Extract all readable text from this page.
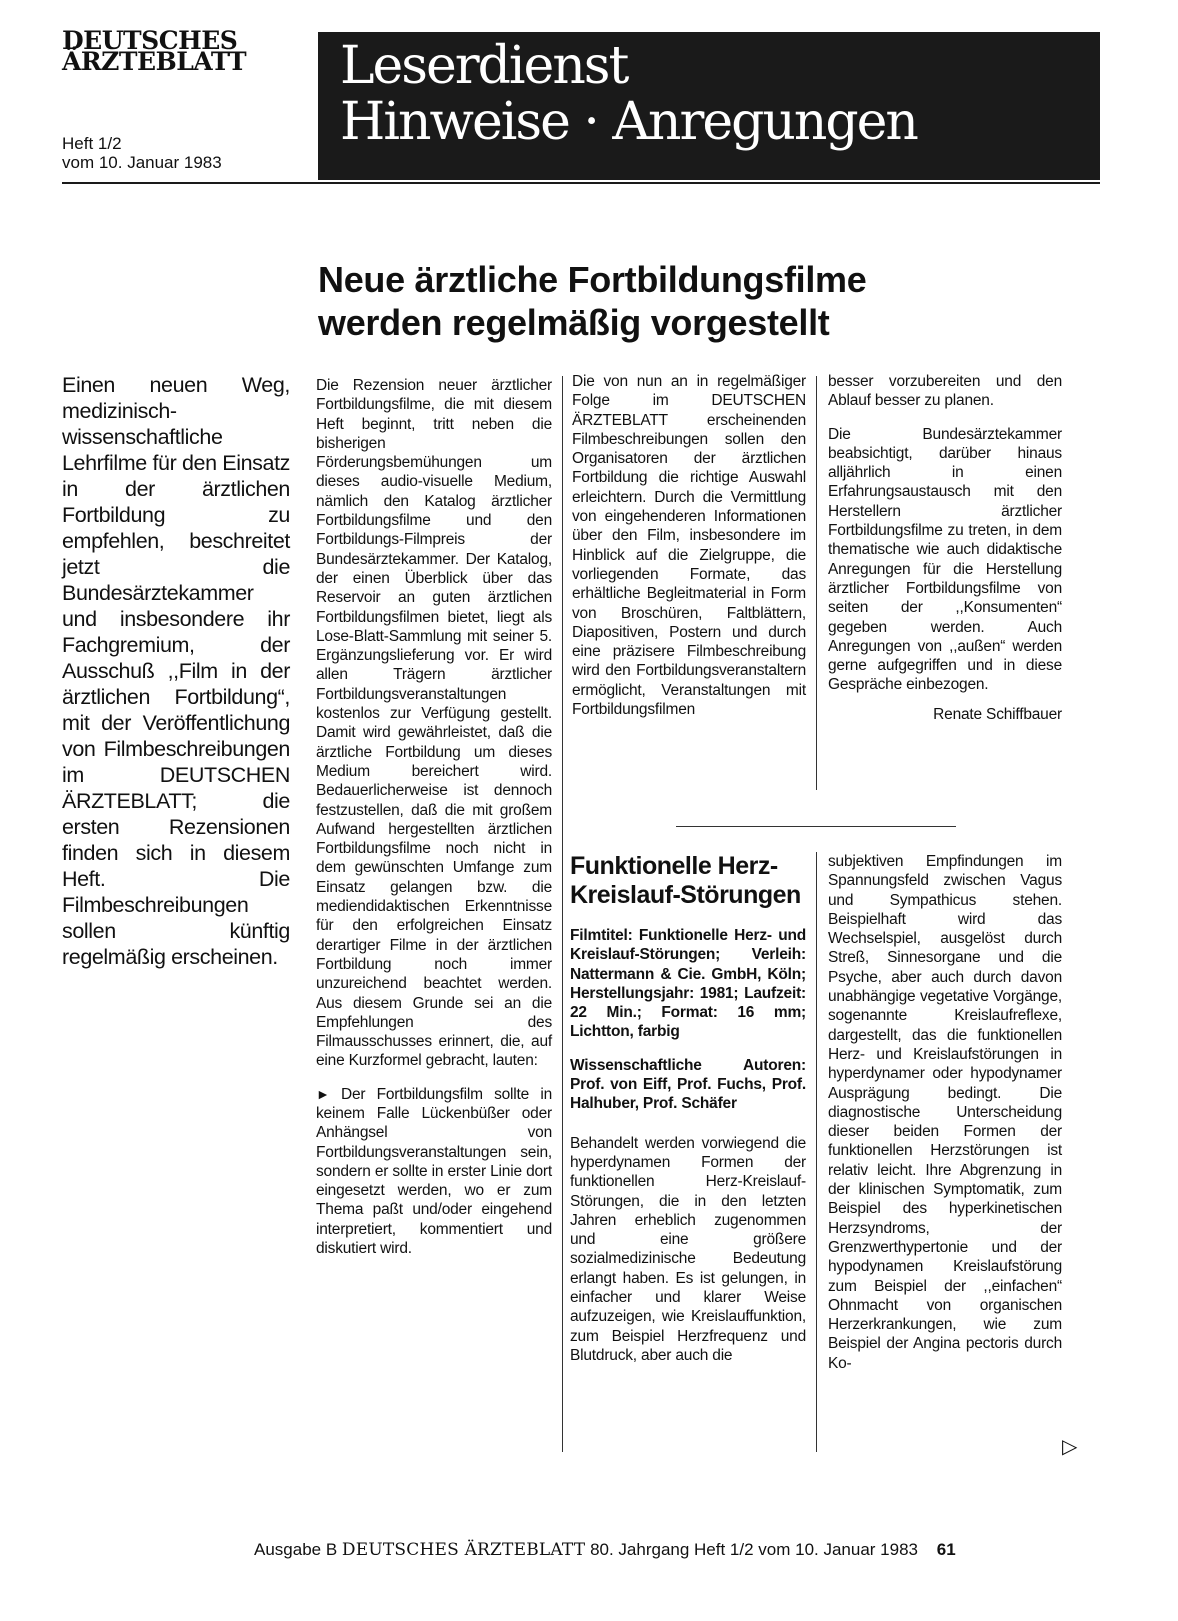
DEUTSCHES
ÄRZTEBLATT
Heft 1/2
vom 10. Januar 1983
Leserdienst
Hinweise · Anregungen
Neue ärztliche Fortbildungsfilme
werden regelmäßig vorgestellt
Einen neuen Weg, medizinisch-wissenschaftliche Lehrfilme für den Einsatz in der ärztlichen Fortbildung zu empfehlen, beschreitet jetzt die Bundesärztekammer und insbesondere ihr Fachgremium, der Ausschuß ,,Film in der ärztlichen Fortbildung“, mit der Veröffentlichung von Filmbeschreibungen im DEUTSCHEN ÄRZTEBLATT; die ersten Rezensionen finden sich in diesem Heft. Die Filmbeschreibungen sollen künftig regelmäßig erscheinen.

Die Rezension neuer ärztlicher Fortbildungsfilme, die mit diesem Heft beginnt, tritt neben die bisherigen Förderungsbemühungen um dieses audio-visuelle Medium, nämlich den Katalog ärztlicher Fortbildungsfilme und den Fortbildungs-Filmpreis der Bundesärztekammer. Der Katalog, der einen Überblick über das Reservoir an guten ärztlichen Fortbildungsfilmen bietet, liegt als Lose-Blatt-Sammlung mit seiner 5. Ergänzungslieferung vor. Er wird allen Trägern ärztlicher Fortbildungsveranstaltungen kostenlos zur Verfügung gestellt. Damit wird gewährleistet, daß die ärztliche Fortbildung um dieses Medium bereichert wird. Bedauerlicherweise ist dennoch festzustellen, daß die mit großem Aufwand hergestellten ärztlichen Fortbildungsfilme noch nicht in dem gewünschten Umfange zum Einsatz gelangen bzw. die mediendidaktischen Erkenntnisse für den erfolgreichen Einsatz derartiger Filme in der ärztlichen Fortbildung noch immer unzureichend beachtet werden. Aus diesem Grunde sei an die Empfehlungen des Filmausschusses erinnert, die, auf eine Kurzformel gebracht, lauten:

► Der Fortbildungsfilm sollte in keinem Falle Lückenbüßer oder Anhängsel von Fortbildungsveranstaltungen sein, sondern er sollte in erster Linie dort eingesetzt werden, wo er zum Thema paßt und/oder eingehend interpretiert, kommentiert und diskutiert wird.

Die von nun an in regelmäßiger Folge im DEUTSCHEN ÄRZTEBLATT erscheinenden Filmbeschreibungen sollen den Organisatoren der ärztlichen Fortbildung die richtige Auswahl erleichtern. Durch die Vermittlung von eingehenderen Informationen über den Film, insbesondere im Hinblick auf die Zielgruppe, die vorliegenden Formate, das erhältliche Begleitmaterial in Form von Broschüren, Faltblättern, Diapositiven, Postern und durch eine präzisere Filmbeschreibung wird den Fortbildungsveranstaltern ermöglicht, Veranstaltungen mit Fortbildungsfilmen

besser vorzubereiten und den Ablauf besser zu planen.

Die Bundesärztekammer beabsichtigt, darüber hinaus alljährlich in einen Erfahrungsaustausch mit den Herstellern ärztlicher Fortbildungsfilme zu treten, in dem thematische wie auch didaktische Anregungen für die Herstellung ärztlicher Fortbildungsfilme von seiten der ,,Konsumenten“ gegeben werden. Auch Anregungen von ,,außen“ werden gerne aufgegriffen und in diese Gespräche einbezogen.

Renate Schiffbauer

Funktionelle Herz-Kreislauf-Störungen

Filmtitel: Funktionelle Herz- und Kreislauf-Störungen; Verleih: Nattermann & Cie. GmbH, Köln; Herstellungsjahr: 1981; Laufzeit: 22 Min.; Format: 16 mm; Lichtton, farbig

Wissenschaftliche Autoren: Prof. von Eiff, Prof. Fuchs, Prof. Halhuber, Prof. Schäfer

Behandelt werden vorwiegend die hyperdynamen Formen der funktionellen Herz-Kreislauf-Störungen, die in den letzten Jahren erheblich zugenommen und eine größere sozialmedizinische Bedeutung erlangt haben. Es ist gelungen, in einfacher und klarer Weise aufzuzeigen, wie Kreislauffunktion, zum Beispiel Herzfrequenz und Blutdruck, aber auch die

subjektiven Empfindungen im Spannungsfeld zwischen Vagus und Sympathicus stehen. Beispielhaft wird das Wechselspiel, ausgelöst durch Streß, Sinnesorgane und die Psyche, aber auch durch davon unabhängige vegetative Vorgänge, sogenannte Kreislaufreflexe, dargestellt, das die funktionellen Herz- und Kreislaufstörungen in hyperdynamer oder hypodynamer Ausprägung bedingt. Die diagnostische Unterscheidung dieser beiden Formen der funktionellen Herzstörungen ist relativ leicht. Ihre Abgrenzung in der klinischen Symptomatik, zum Beispiel des hyperkinetischen Herzsyndroms, der Grenzwerthypertonie und der hypodynamen Kreislaufstörung zum Beispiel der ,,einfachen“ Ohnmacht von organischen Herzerkrankungen, wie zum Beispiel der Angina pectoris durch Ko-

▷
Ausgabe B DEUTSCHES ÄRZTEBLATT 80. Jahrgang Heft 1/2 vom 10. Januar 1983 61
